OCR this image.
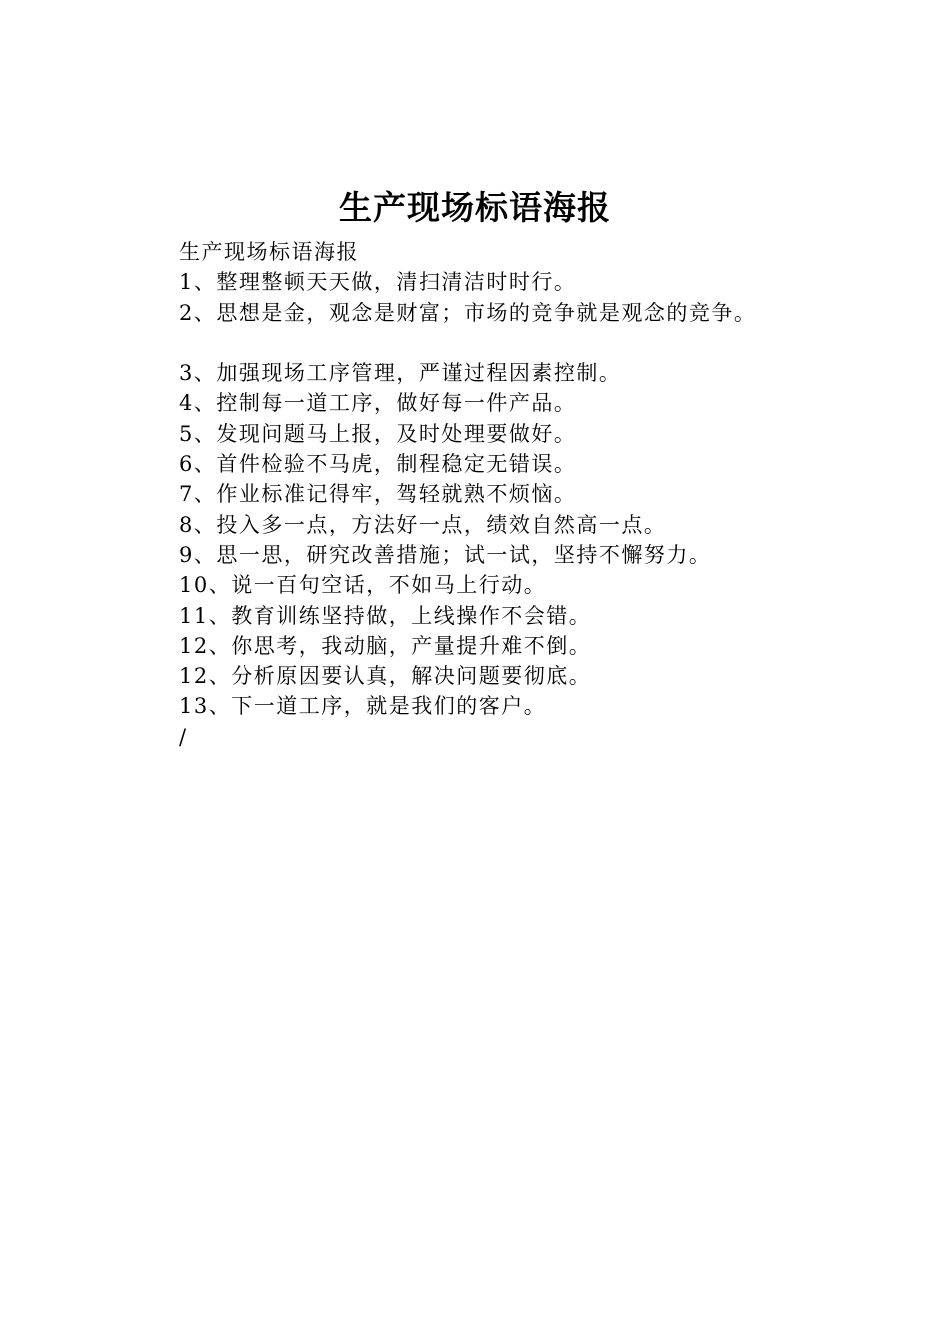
生产现场标语海报
生产现场标语海报
1、整理整顿天天做，清扫清洁时时行。
2、思想是金，观念是财富；市场的竞争就是观念的竞争。
3、加强现场工序管理，严谨过程因素控制。
4、控制每一道工序，做好每一件产品。
5、发现问题马上报，及时处理要做好。
6、首件检验不马虎，制程稳定无错误。
7、作业标准记得牢，驾轻就熟不烦恼。
8、投入多一点，方法好一点，绩效自然高一点。
9、思一思，研究改善措施；试一试，坚持不懈努力。
10、说一百句空话，不如马上行动。
11、教育训练坚持做，上线操作不会错。
12、你思考，我动脑，产量提升难不倒。
12、分析原因要认真，解决问题要彻底。
13、下一道工序，就是我们的客户。
/
